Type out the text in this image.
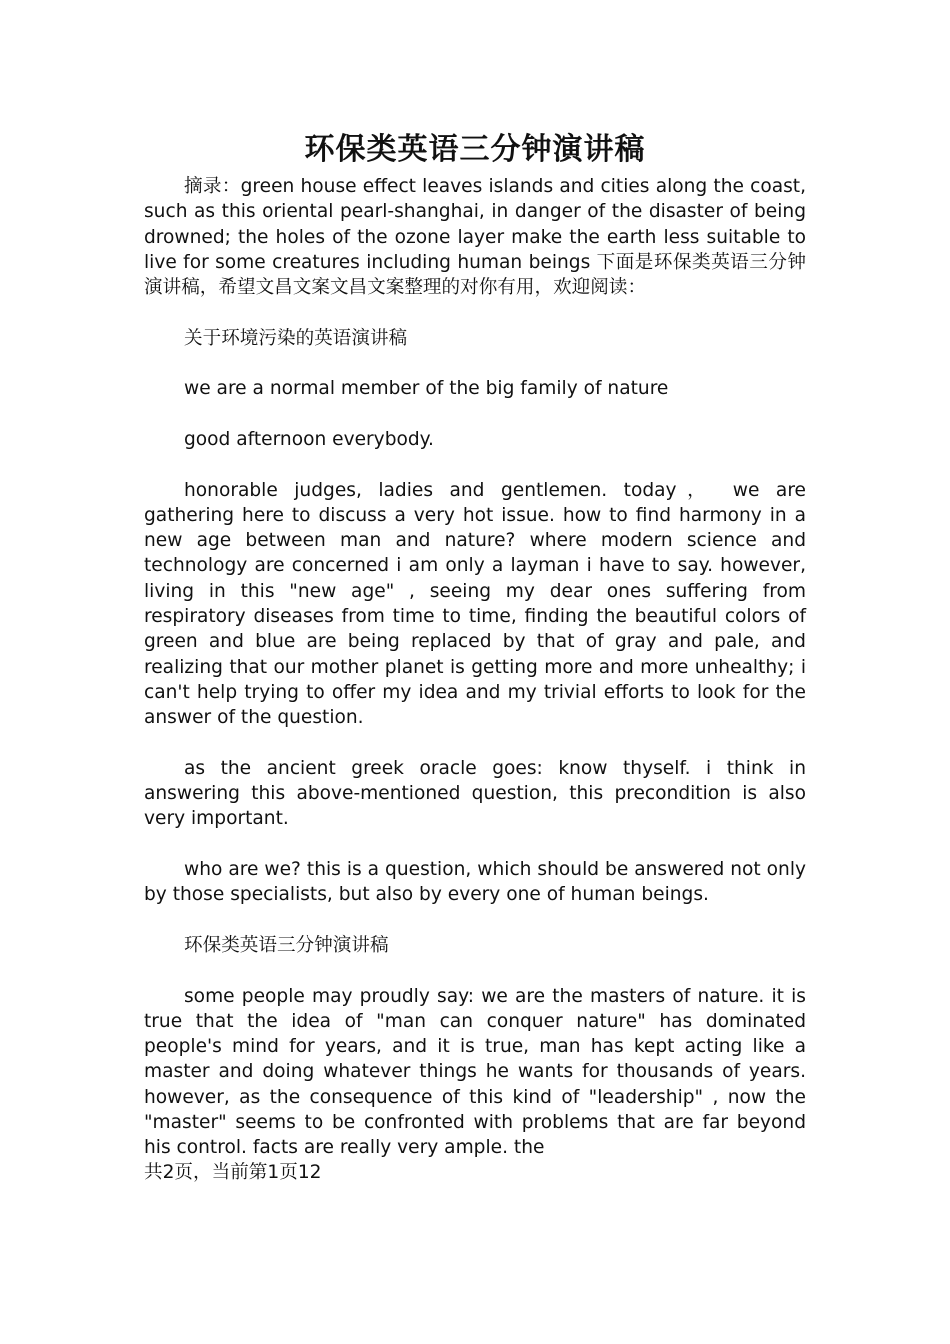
环保类英语三分钟演讲稿

摘录：green house effect leaves islands and cities along the coast, such as this oriental pearl-shanghai, in danger of the disaster of being drowned; the holes of the ozone layer make the earth less suitable to live for some creatures including human beings 下面是环保类英语三分钟演讲稿，希望文昌文案文昌文案整理的对你有用，欢迎阅读：

关于环境污染的英语演讲稿

we are a normal member of the big family of nature

good afternoon everybody.

honorable judges, ladies and gentlemen. today， we are gathering here to discuss a very hot issue. how to find harmony in a new age between man and nature? where modern science and technology are concerned i am only a layman i have to say. however, living in this "new age" , seeing my dear ones suffering from respiratory diseases from time to time, finding the beautiful colors of green and blue are being replaced by that of gray and pale, and realizing that our mother planet is getting more and more unhealthy; i can't help trying to offer my idea and my trivial efforts to look for the answer of the question.

as the ancient greek oracle goes: know thyself. i think in answering this above-mentioned question, this precondition is also very important.

who are we? this is a question, which should be answered not only by those specialists, but also by every one of human beings.

环保类英语三分钟演讲稿

some people may proudly say: we are the masters of nature. it is true that the idea of "man can conquer nature" has dominated people's mind for years, and it is true, man has kept acting like a master and doing whatever things he wants for thousands of years. however, as the consequence of this kind of "leadership" , now the "master" seems to be confronted with problems that are far beyond his control. facts are really very ample. the

共2页，当前第1页12
